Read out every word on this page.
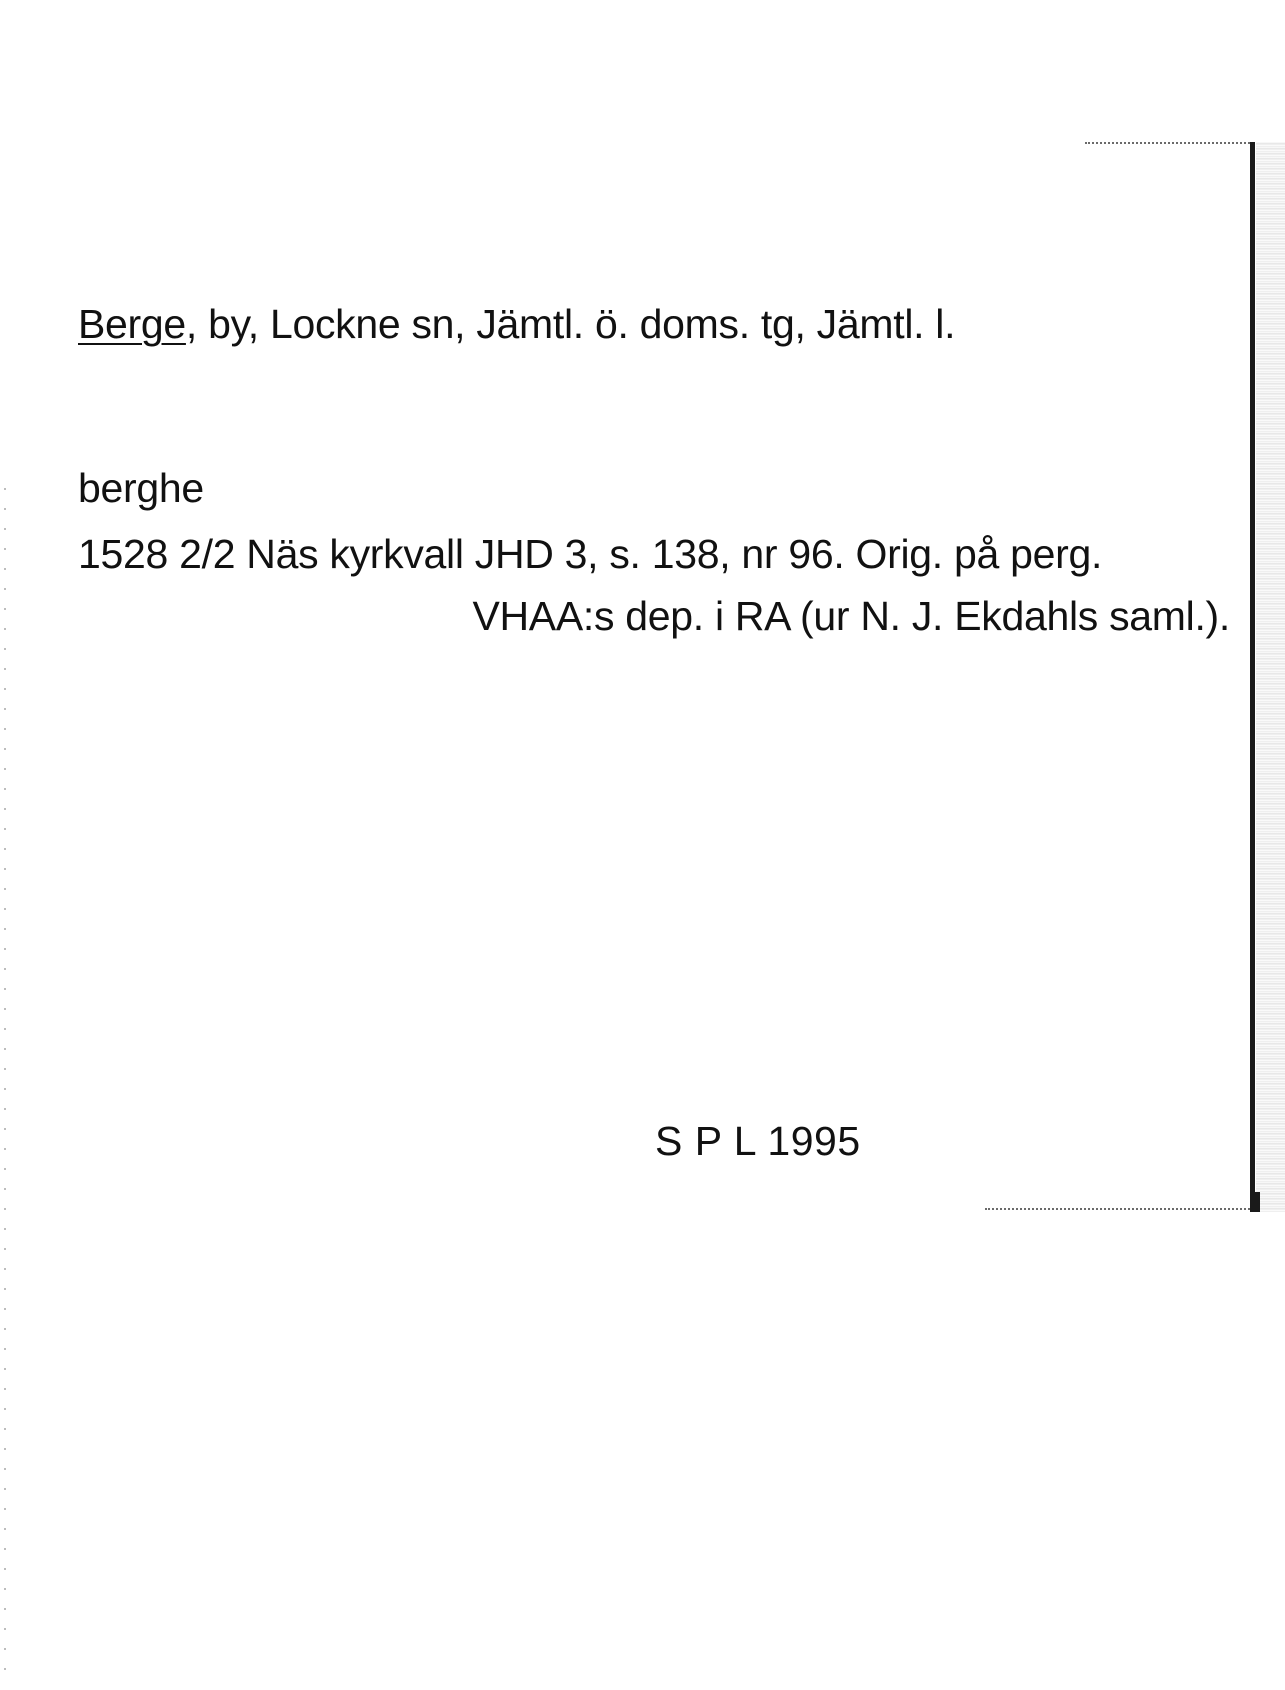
Berge, by, Lockne sn, Jämtl. ö. doms. tg, Jämtl. l.
berghe
1528 2/2 Näs kyrkvall JHD 3, s. 138, nr 96. Orig. på perg.
VHAA:s dep. i RA (ur N. J. Ekdahls saml.).
S P L 1995
